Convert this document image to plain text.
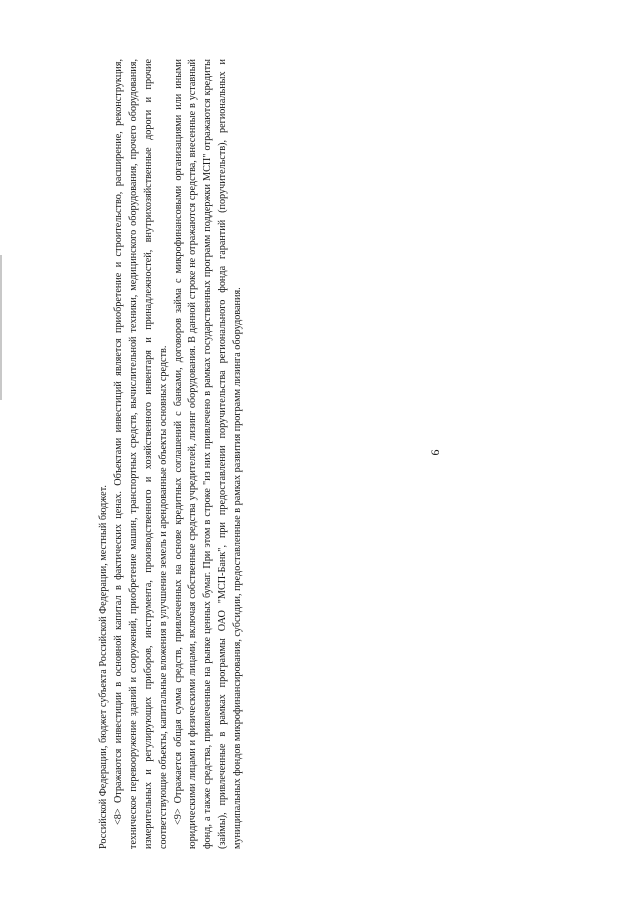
9

Российской Федерации, бюджет субъекта Российской Федерации, местный бюджет. <8> Отражаются инвестиции в основной капитал в фактических ценах. Объектами инвестиций является приобретение и строительство, расширение, реконструкция, техническое перевооружение зданий и сооружений, приобретение машин, транспортных средств, вычислительной техники, медицинского оборудования, прочего оборудования, измерительных и регулирующих приборов, инструмента, производственного и хозяйственного инвентаря и принадлежностей, внутрихозяйственные дороги и прочие соответствующие объекты, капитальные вложения в улучшение земель и арендованные объекты основных средств. <9> Отражается общая сумма средств, привлеченных на основе кредитных соглашений с банками, договоров займа с микрофинансовыми организациями или иными юридическими лицами и физическими лицами, включая собственные средства учредителей, лизинг оборудования. В данной строке не отражаются средства, внесенные в уставный фонд, а также средства, привлеченные на рынке ценных бумаг. При этом в строке "из них привлечено в рамках государственных программ поддержки МСП" отражаются кредиты (займы), привлеченные в рамках программы ОАО "МСП-Банк", при предоставлении поручительства регионального фонда гарантий (поручительств), региональных и муниципальных фондов микрофинансирования, субсидии, предоставленные в рамках развития программ лизинга оборудования.
